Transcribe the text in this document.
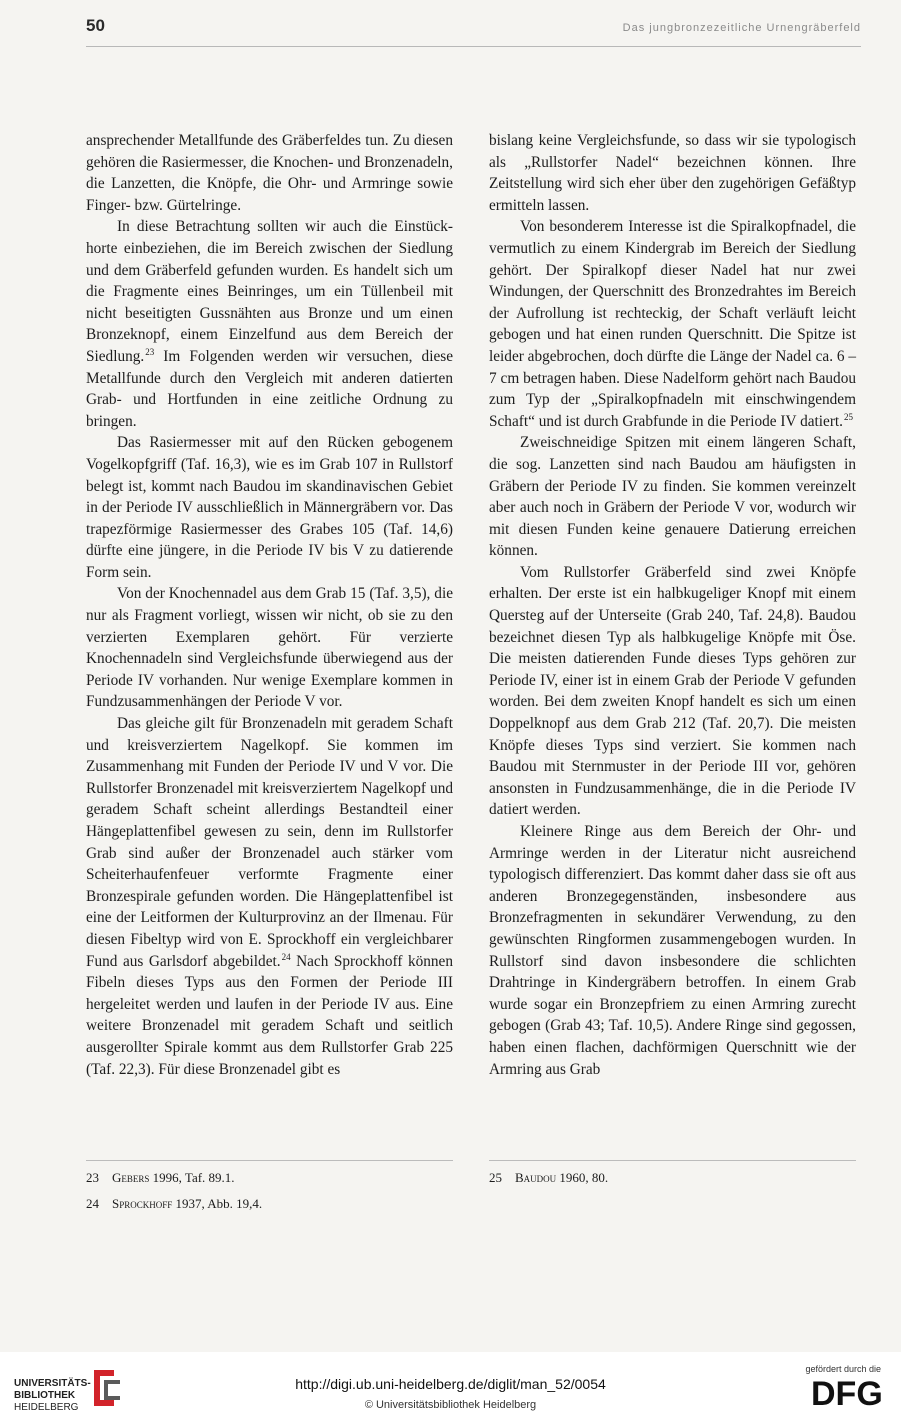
50	Das jungbronzezeitliche Urnengräberfeld

ansprechender Metallfunde des Gräberfeldes tun. Zu diesen gehören die Rasiermesser, die Knochen- und Bronzenadeln, die Lanzetten, die Knöpfe, die Ohr- und Armringe sowie Finger- bzw. Gürtelringe.

In diese Betrachtung sollten wir auch die Einstückhorte einbeziehen, die im Bereich zwischen der Siedlung und dem Gräberfeld gefunden wurden. Es handelt sich um die Fragmente eines Beinringes, um ein Tüllenbeil mit nicht beseitigten Gussnähten aus Bronze und um einen Bronzeknopf, einem Einzelfund aus dem Bereich der Siedlung.$^{23}$ Im Folgenden werden wir versuchen, diese Metallfunde durch den Vergleich mit anderen datierten Grab- und Hortfunden in eine zeitliche Ordnung zu bringen.

Das Rasiermesser mit auf den Rücken gebogenem Vogelkopfgriff (Taf. 16,3), wie es im Grab 107 in Rullstorf belegt ist, kommt nach Baudou im skandinavischen Gebiet in der Periode IV ausschließlich in Männergräbern vor. Das trapezförmige Rasiermesser des Grabes 105 (Taf. 14,6) dürfte eine jüngere, in die Periode IV bis V zu datierende Form sein.

Von der Knochennadel aus dem Grab 15 (Taf. 3,5), die nur als Fragment vorliegt, wissen wir nicht, ob sie zu den verzierten Exemplaren gehört. Für verzierte Knochennadeln sind Vergleichsfunde überwiegend aus der Periode IV vorhanden. Nur wenige Exemplare kommen in Fundzusammenhängen der Periode V vor.

Das gleiche gilt für Bronzenadeln mit geradem Schaft und kreisverziertem Nagelkopf. Sie kommen im Zusammenhang mit Funden der Periode IV und V vor. Die Rullstorfer Bronzenadel mit kreisverziertem Nagelkopf und geradem Schaft scheint allerdings Bestandteil einer Hängeplattenfibel gewesen zu sein, denn im Rullstorfer Grab sind außer der Bronzenadel auch stärker vom Scheiterhaufenfeuer verformte Fragmente einer Bronzespirale gefunden worden. Die Hängeplattenfibel ist eine der Leitformen der Kulturprovinz an der Ilmenau. Für diesen Fibeltyp wird von E. Sprockhoff ein vergleichbarer Fund aus Garlsdorf abgebildet.$^{24}$ Nach Sprockhoff können Fibeln dieses Typs aus den Formen der Periode III hergeleitet werden und laufen in der Periode IV aus. Eine weitere Bronzenadel mit geradem Schaft und seitlich ausgerollter Spirale kommt aus dem Rullstorfer Grab 225 (Taf. 22,3). Für diese Bronzenadel gibt es

bislang keine Vergleichsfunde, so dass wir sie typologisch als „Rullstorfer Nadel“ bezeichnen können. Ihre Zeitstellung wird sich eher über den zugehörigen Gefäßtyp ermitteln lassen.

Von besonderem Interesse ist die Spiralkopfnadel, die vermutlich zu einem Kindergrab im Bereich der Siedlung gehört. Der Spiralkopf dieser Nadel hat nur zwei Windungen, der Querschnitt des Bronzedrahtes im Bereich der Aufrollung ist rechteckig, der Schaft verläuft leicht gebogen und hat einen runden Querschnitt. Die Spitze ist leider abgebrochen, doch dürfte die Länge der Nadel ca. 6 – 7 cm betragen haben. Diese Nadelform gehört nach Baudou zum Typ der „Spiralkopfnadeln mit einschwingendem Schaft“ und ist durch Grabfunde in die Periode IV datiert.$^{25}$

Zweischneidige Spitzen mit einem längeren Schaft, die sog. Lanzetten sind nach Baudou am häufigsten in Gräbern der Periode IV zu finden. Sie kommen vereinzelt aber auch noch in Gräbern der Periode V vor, wodurch wir mit diesen Funden keine genauere Datierung erreichen können.

Vom Rullstorfer Gräberfeld sind zwei Knöpfe erhalten. Der erste ist ein halbkugeliger Knopf mit einem Quersteg auf der Unterseite (Grab 240, Taf. 24,8). Baudou bezeichnet diesen Typ als halbkugelige Knöpfe mit Öse. Die meisten datierenden Funde dieses Typs gehören zur Periode IV, einer ist in einem Grab der Periode V gefunden worden. Bei dem zweiten Knopf handelt es sich um einen Doppelknopf aus dem Grab 212 (Taf. 20,7). Die meisten Knöpfe dieses Typs sind verziert. Sie kommen nach Baudou mit Sternmuster in der Periode III vor, gehören ansonsten in Fundzusammenhänge, die in die Periode IV datiert werden.

Kleinere Ringe aus dem Bereich der Ohr- und Armringe werden in der Literatur nicht ausreichend typologisch differenziert. Das kommt daher dass sie oft aus anderen Bronzegegenständen, insbesondere aus Bronzefragmenten in sekundärer Verwendung, zu den gewünschten Ringformen zusammengebogen wurden. In Rullstorf sind davon insbesondere die schlichten Drahtringe in Kindergräbern betroffen. In einem Grab wurde sogar ein Bronzepfriem zu einen Armring zurecht gebogen (Grab 43; Taf. 10,5). Andere Ringe sind gegossen, haben einen flachen, dachförmigen Querschnitt wie der Armring aus Grab

23 Gebers 1996, Taf. 89.1.
24 Sprockhoff 1937, Abb. 19,4.
25 Baudou 1960, 80.
UNIVERSITÄTS-
BIBLIOTHEK
HEIDELBERG
http://digi.ub.uni-heidelberg.de/diglit/man_52/0054
© Universitätsbibliothek Heidelberg
gefördert durch die
DFG
